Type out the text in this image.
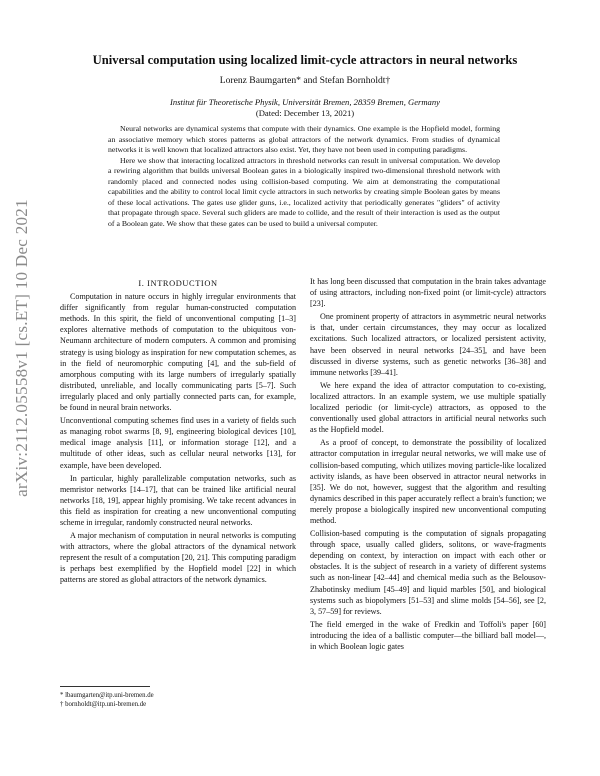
arXiv:2112.05558v1 [cs.ET] 10 Dec 2021
Universal computation using localized limit-cycle attractors in neural networks
Lorenz Baumgarten* and Stefan Bornholdt†
Institut für Theoretische Physik, Universität Bremen, 28359 Bremen, Germany
(Dated: December 13, 2021)

Neural networks are dynamical systems that compute with their dynamics. One example is the Hopfield model, forming an associative memory which stores patterns as global attractors of the network dynamics. From studies of dynamical networks it is well known that localized attractors also exist. Yet, they have not been used in computing paradigms.

Here we show that interacting localized attractors in threshold networks can result in universal computation. We develop a rewiring algorithm that builds universal Boolean gates in a biologically inspired two-dimensional threshold network with randomly placed and connected nodes using collision-based computing. We aim at demonstrating the computational capabilities and the ability to control local limit cycle attractors in such networks by creating simple Boolean gates by means of these local activations. The gates use glider guns, i.e., localized activity that periodically generates "gliders" of activity that propagate through space. Several such gliders are made to collide, and the result of their interaction is used as the output of a Boolean gate. We show that these gates can be used to build a universal computer.

I. INTRODUCTION

Computation in nature occurs in highly irregular environments that differ significantly from regular human-constructed computation methods. In this spirit, the field of unconventional computing [1–3] explores alternative methods of computation to the ubiquitous von-Neumann architecture of modern computers. A common and promising strategy is using biology as inspiration for new computation schemes, as in the field of neuromorphic computing [4], and the sub-field of amorphous computing with its large numbers of irregularly spatially distributed, unreliable, and locally communicating parts [5–7]. Such irregularly placed and only partially connected parts can, for example, be found in neural brain networks.

Unconventional computing schemes find uses in a variety of fields such as managing robot swarms [8, 9], engineering biological devices [10], medical image analysis [11], or information storage [12], and a multitude of other ideas, such as cellular neural networks [13], for example, have been developed.

In particular, highly parallelizable computation networks, such as memristor networks [14–17], that can be trained like artificial neural networks [18, 19], appear highly promising. We take recent advances in this field as inspiration for creating a new unconventional computing scheme in irregular, randomly constructed neural networks.

A major mechanism of computation in neural networks is computing with attractors, where the global attractors of the dynamical network represent the result of a computation [20, 21]. This computing paradigm is perhaps best exemplified by the Hopfield model [22] in which patterns are stored as global attractors of the network dynamics.

It has long been discussed that computation in the brain takes advantage of using attractors, including non-fixed point (or limit-cycle) attractors [23].

One prominent property of attractors in asymmetric neural networks is that, under certain circumstances, they may occur as localized excitations. Such localized attractors, or localized persistent activity, have been observed in neural networks [24–35], and have been discussed in diverse systems, such as genetic networks [36–38] and immune networks [39–41].

We here expand the idea of attractor computation to co-existing, localized attractors. In an example system, we use multiple spatially localized periodic (or limit-cycle) attractors, as opposed to the conventionally used global attractors in artificial neural networks such as the Hopfield model.

As a proof of concept, to demonstrate the possibility of localized attractor computation in irregular neural networks, we will make use of collision-based computing, which utilizes moving particle-like localized activity islands, as have been observed in attractor neural networks in [35]. We do not, however, suggest that the algorithm and resulting dynamics described in this paper accurately reflect a brain's function; we merely propose a biologically inspired new unconventional computing method.

Collision-based computing is the computation of signals propagating through space, usually called gliders, solitons, or wave-fragments depending on context, by interaction on impact with each other or obstacles. It is the subject of research in a variety of different systems such as non-linear [42–44] and chemical media such as the Belousov-Zhabotinsky medium [45–49] and liquid marbles [50], and biological systems such as biopolymers [51–53] and slime molds [54–56], see [2, 3, 57–59] for reviews.

The field emerged in the wake of Fredkin and Toffoli's paper [60] introducing the idea of a ballistic computer—the billiard ball model—, in which Boolean logic gates

* lbaumgarten@itp.uni-bremen.de
† bornholdt@itp.uni-bremen.de
